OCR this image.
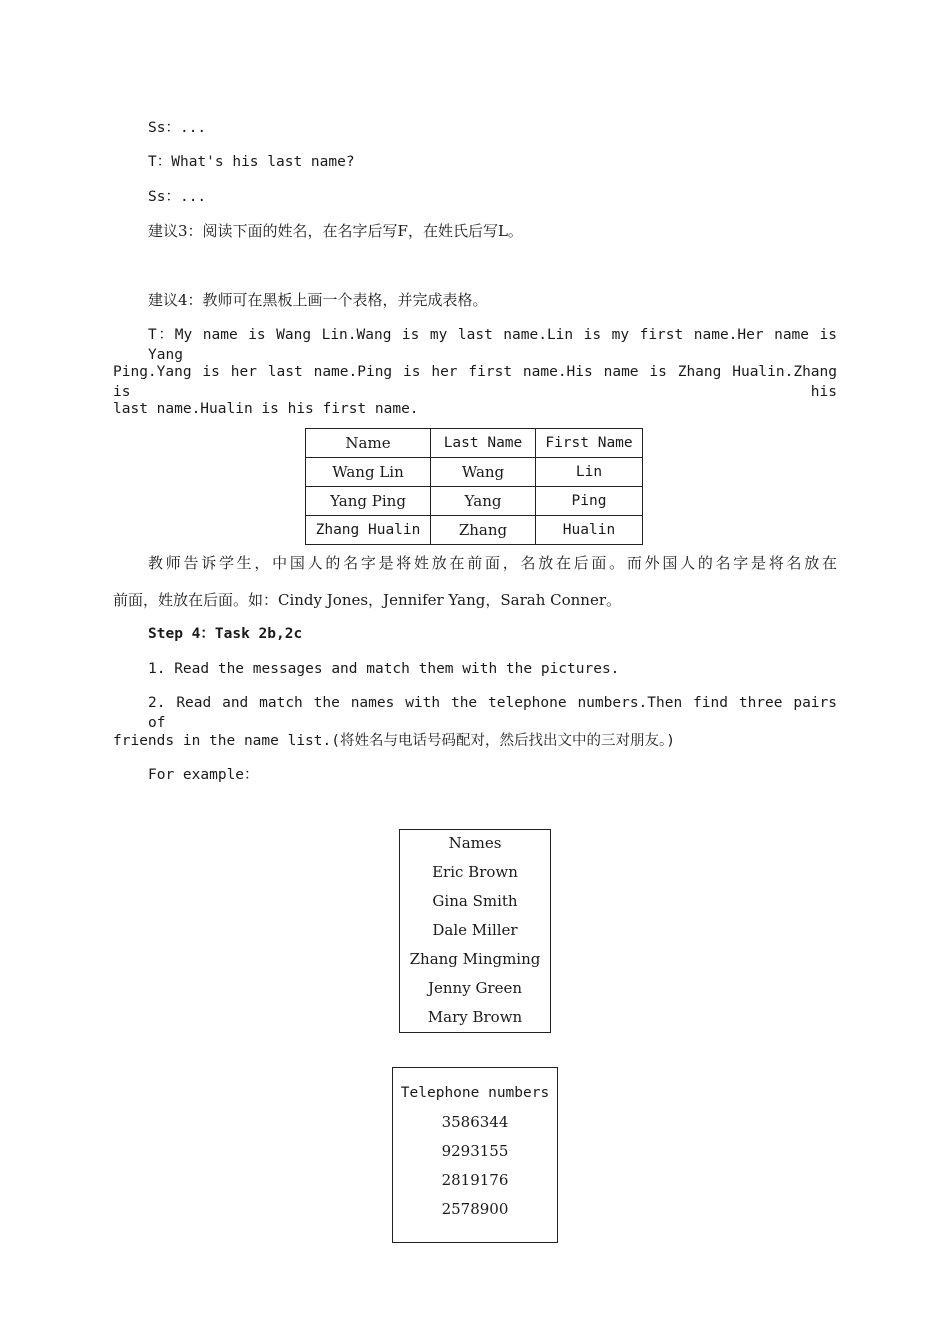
Ss：...
T：What's his last name?
Ss：...
建议3：阅读下面的姓名，在名字后写F，在姓氏后写L。
建议4：教师可在黑板上画一个表格，并完成表格。
T：My name is Wang Lin.Wang is my last name.Lin is my first name.Her name is Yang
Ping.Yang is her last name.Ping is her first name.His name is Zhang Hualin.Zhang is his
last name.Hualin is his first name.
Name	Last Name	First Name
Wang Lin	Wang	Lin
Yang Ping	Yang	Ping
Zhang Hualin	Zhang	Hualin
教师告诉学生，中国人的名字是将姓放在前面，名放在后面。而外国人的名字是将名放在
前面，姓放在后面。如：Cindy Jones，Jennifer Yang，Sarah Conner。
Step 4：Task 2b,2c
1. Read the messages and match them with the pictures.
2. Read and match the names with the telephone numbers.Then find three pairs of
friends in the name list.(将姓名与电话号码配对，然后找出文中的三对朋友。)
For example：
Names
Eric Brown
Gina Smith
Dale Miller
Zhang Mingming
Jenny Green
Mary Brown
Telephone numbers
3586344
9293155
2819176
2578900
